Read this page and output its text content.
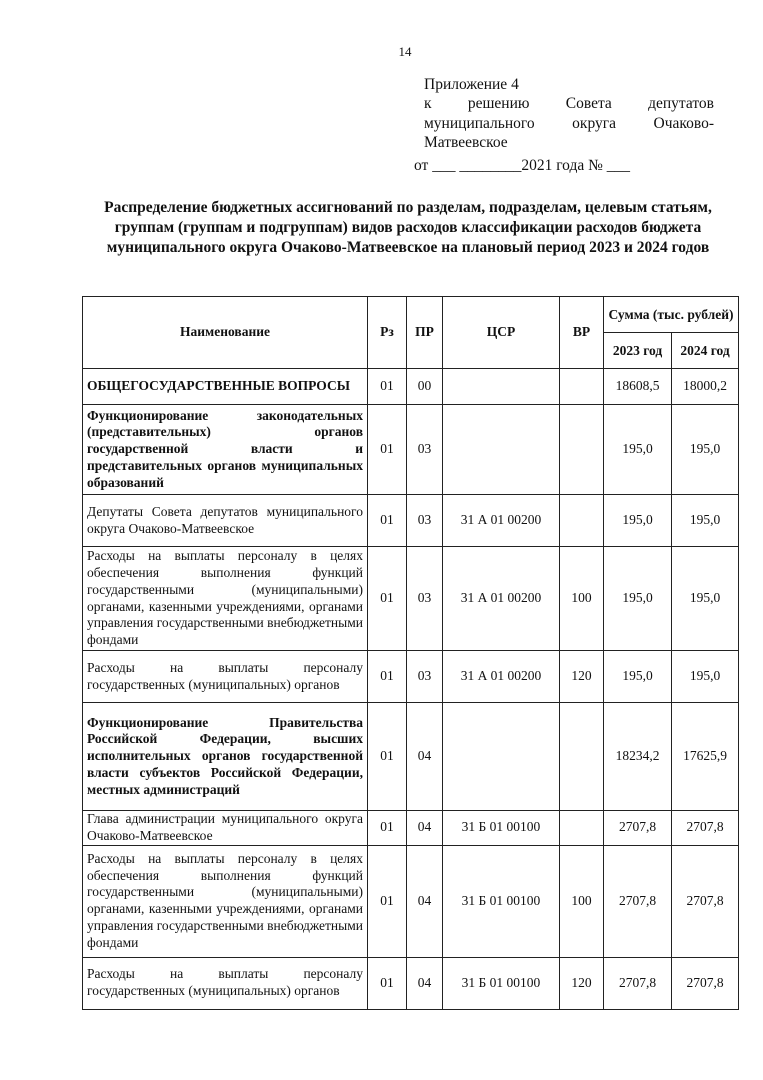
14
Приложение 4
к решению Совета депутатов
муниципального округа Очаково-
Матвеевское
от ___ ________2021 года № ___
Распределение бюджетных ассигнований по разделам, подразделам, целевым статьям, группам (группам и подгруппам) видов расходов классификации расходов бюджета муниципального округа Очаково-Матвеевское на плановый период 2023 и 2024 годов
Наименование	Рз	ПР	ЦСР	ВР	Сумма (тыс. рублей)	
					2023 год	2024 год
ОБЩЕГОСУДАРСТВЕННЫЕ ВОПРОСЫ	01	00			18608,5	18000,2
Функционирование законодательных (представительных) органов государственной власти и представительных органов муниципальных образований	01	03			195,0	195,0
Депутаты Совета депутатов муниципального округа Очаково-Матвеевское	01	03	31 А 01 00200		195,0	195,0
Расходы на выплаты персоналу в целях обеспечения выполнения функций государственными (муниципальными) органами, казенными учреждениями, органами управления государственными внебюджетными фондами	01	03	31 А 01 00200	100	195,0	195,0
Расходы на выплаты персоналу государственных (муниципальных) органов	01	03	31 А 01 00200	120	195,0	195,0
Функционирование Правительства Российской Федерации, высших исполнительных органов государственной власти субъектов Российской Федерации, местных администраций	01	04			18234,2	17625,9
Глава администрации муниципального округа Очаково-Матвеевское	01	04	31 Б 01 00100		2707,8	2707,8
Расходы на выплаты персоналу в целях обеспечения выполнения функций государственными (муниципальными) органами, казенными учреждениями, органами управления государственными внебюджетными фондами	01	04	31 Б 01 00100	100	2707,8	2707,8
Расходы на выплаты персоналу государственных (муниципальных) органов	01	04	31 Б 01 00100	120	2707,8	2707,8
